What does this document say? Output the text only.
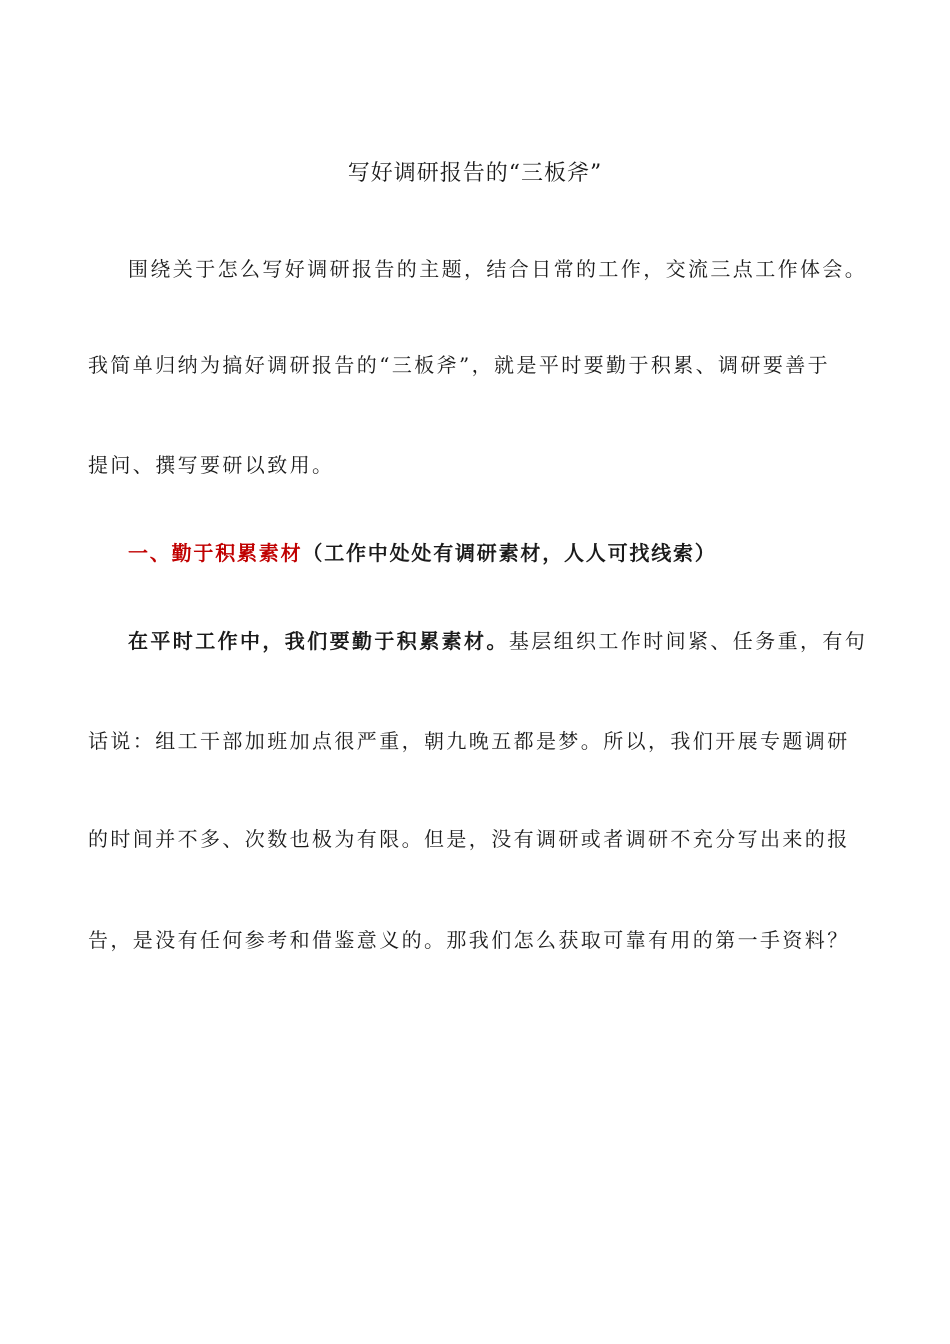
写好调研报告的“三板斧”
围绕关于怎么写好调研报告的主题，结合日常的工作，交流三点工作体会。
我简单归纳为搞好调研报告的“三板斧”，就是平时要勤于积累、调研要善于
提问、撰写要研以致用。
一、勤于积累素材（工作中处处有调研素材，人人可找线索）
在平时工作中，我们要勤于积累素材。基层组织工作时间紧、任务重，有句
话说：组工干部加班加点很严重，朝九晚五都是梦。所以，我们开展专题调研
的时间并不多、次数也极为有限。但是，没有调研或者调研不充分写出来的报
告，是没有任何参考和借鉴意义的。那我们怎么获取可靠有用的第一手资料？
